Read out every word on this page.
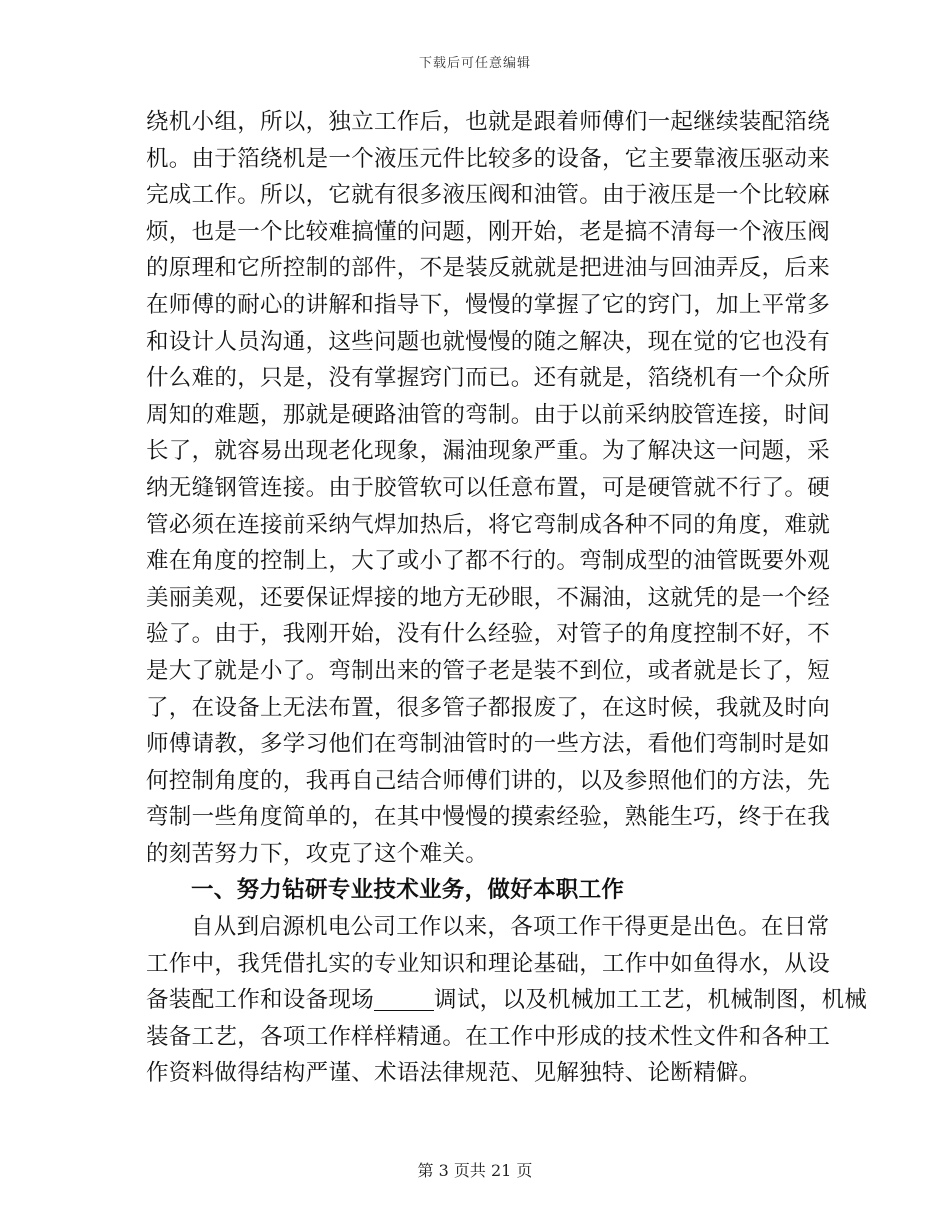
下载后可任意编辑
绕机小组，所以，独立工作后，也就是跟着师傅们一起继续装配箔绕
机。由于箔绕机是一个液压元件比较多的设备，它主要靠液压驱动来
完成工作。所以，它就有很多液压阀和油管。由于液压是一个比较麻
烦，也是一个比较难搞懂的问题，刚开始，老是搞不清每一个液压阀
的原理和它所控制的部件，不是装反就就是把进油与回油弄反，后来
在师傅的耐心的讲解和指导下，慢慢的掌握了它的窍门，加上平常多
和设计人员沟通，这些问题也就慢慢的随之解决，现在觉的它也没有
什么难的，只是，没有掌握窍门而已。还有就是，箔绕机有一个众所
周知的难题，那就是硬路油管的弯制。由于以前采纳胶管连接，时间
长了，就容易出现老化现象，漏油现象严重。为了解决这一问题，采
纳无缝钢管连接。由于胶管软可以任意布置，可是硬管就不行了。硬
管必须在连接前采纳气焊加热后，将它弯制成各种不同的角度，难就
难在角度的控制上，大了或小了都不行的。弯制成型的油管既要外观
美丽美观，还要保证焊接的地方无砂眼，不漏油，这就凭的是一个经
验了。由于，我刚开始，没有什么经验，对管子的角度控制不好，不
是大了就是小了。弯制出来的管子老是装不到位，或者就是长了，短
了，在设备上无法布置，很多管子都报废了，在这时候，我就及时向
师傅请教，多学习他们在弯制油管时的一些方法，看他们弯制时是如
何控制角度的，我再自己结合师傅们讲的，以及参照他们的方法，先
弯制一些角度简单的，在其中慢慢的摸索经验，熟能生巧，终于在我
的刻苦努力下，攻克了这个难关。
一、努力钻研专业技术业务，做好本职工作
自从到启源机电公司工作以来，各项工作干得更是出色。在日常
工作中，我凭借扎实的专业知识和理论基础，工作中如鱼得水，从设
备装配工作和设备现场	调试，以及机械加工工艺，机械制图，机械
装备工艺，各项工作样样精通。在工作中形成的技术性文件和各种工
作资料做得结构严谨、术语法律规范、见解独特、论断精僻。
第 3 页共 21 页
